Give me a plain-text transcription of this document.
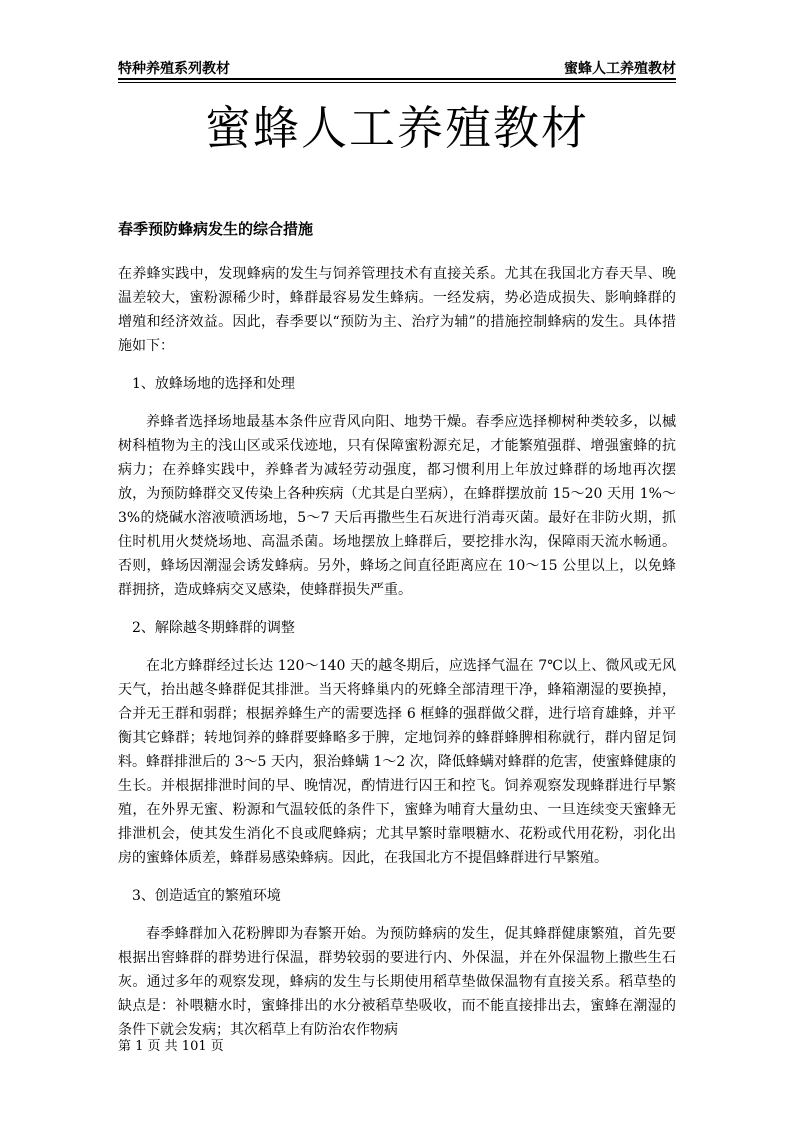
特种养殖系列教材	蜜蜂人工养殖教材
蜜蜂人工养殖教材
春季预防蜂病发生的综合措施

在养蜂实践中，发现蜂病的发生与饲养管理技术有直接关系。尤其在我国北方春天旱、晚温差较大，蜜粉源稀少时，蜂群最容易发生蜂病。一经发病，势必造成损失、影响蜂群的增殖和经济效益。因此，春季要以“预防为主、治疗为辅”的措施控制蜂病的发生。具体措施如下：

1、放蜂场地的选择和处理

养蜂者选择场地最基本条件应背风向阳、地势干燥。春季应选择柳树种类较多，以槭树科植物为主的浅山区或采伐迹地，只有保障蜜粉源充足，才能繁殖强群、增强蜜蜂的抗病力；在养蜂实践中，养蜂者为减轻劳动强度，都习惯利用上年放过蜂群的场地再次摆放，为预防蜂群交叉传染上各种疾病（尤其是白垩病），在蜂群摆放前 15～20 天用 1%～3%的烧碱水溶液喷洒场地，5～7 天后再撒些生石灰进行消毒灭菌。最好在非防火期，抓住时机用火焚烧场地、高温杀菌。场地摆放上蜂群后，要挖排水沟，保障雨天流水畅通。否则，蜂场因潮湿会诱发蜂病。另外，蜂场之间直径距离应在 10～15 公里以上，以免蜂群拥挤，造成蜂病交叉感染，使蜂群损失严重。

2、解除越冬期蜂群的调整

在北方蜂群经过长达 120～140 天的越冬期后，应选择气温在 7℃以上、微风或无风天气，抬出越冬蜂群促其排泄。当天将蜂巢内的死蜂全部清理干净，蜂箱潮湿的要换掉，合并无王群和弱群；根据养蜂生产的需要选择 6 框蜂的强群做父群，进行培育雄蜂，并平衡其它蜂群；转地饲养的蜂群要蜂略多于脾，定地饲养的蜂群蜂脾相称就行，群内留足饲料。蜂群排泄后的 3～5 天内，狠治蜂螨 1～2 次，降低蜂螨对蜂群的危害，使蜜蜂健康的生长。并根据排泄时间的早、晚情况，酌情进行囚王和控飞。饲养观察发现蜂群进行早繁殖，在外界无蜜、粉源和气温较低的条件下，蜜蜂为哺育大量幼虫、一旦连续变天蜜蜂无排泄机会，使其发生消化不良或爬蜂病；尤其早繁时靠喂糖水、花粉或代用花粉，羽化出房的蜜蜂体质差，蜂群易感染蜂病。因此，在我国北方不提倡蜂群进行早繁殖。

3、创造适宜的繁殖环境

春季蜂群加入花粉脾即为春繁开始。为预防蜂病的发生，促其蜂群健康繁殖，首先要根据出窖蜂群的群势进行保温，群势较弱的要进行内、外保温，并在外保温物上撒些生石灰。通过多年的观察发现，蜂病的发生与长期使用稻草垫做保温物有直接关系。稻草垫的缺点是：补喂糖水时，蜜蜂排出的水分被稻草垫吸收，而不能直接排出去，蜜蜂在潮湿的条件下就会发病；其次稻草上有防治农作物病

第 1 页 共 101 页
